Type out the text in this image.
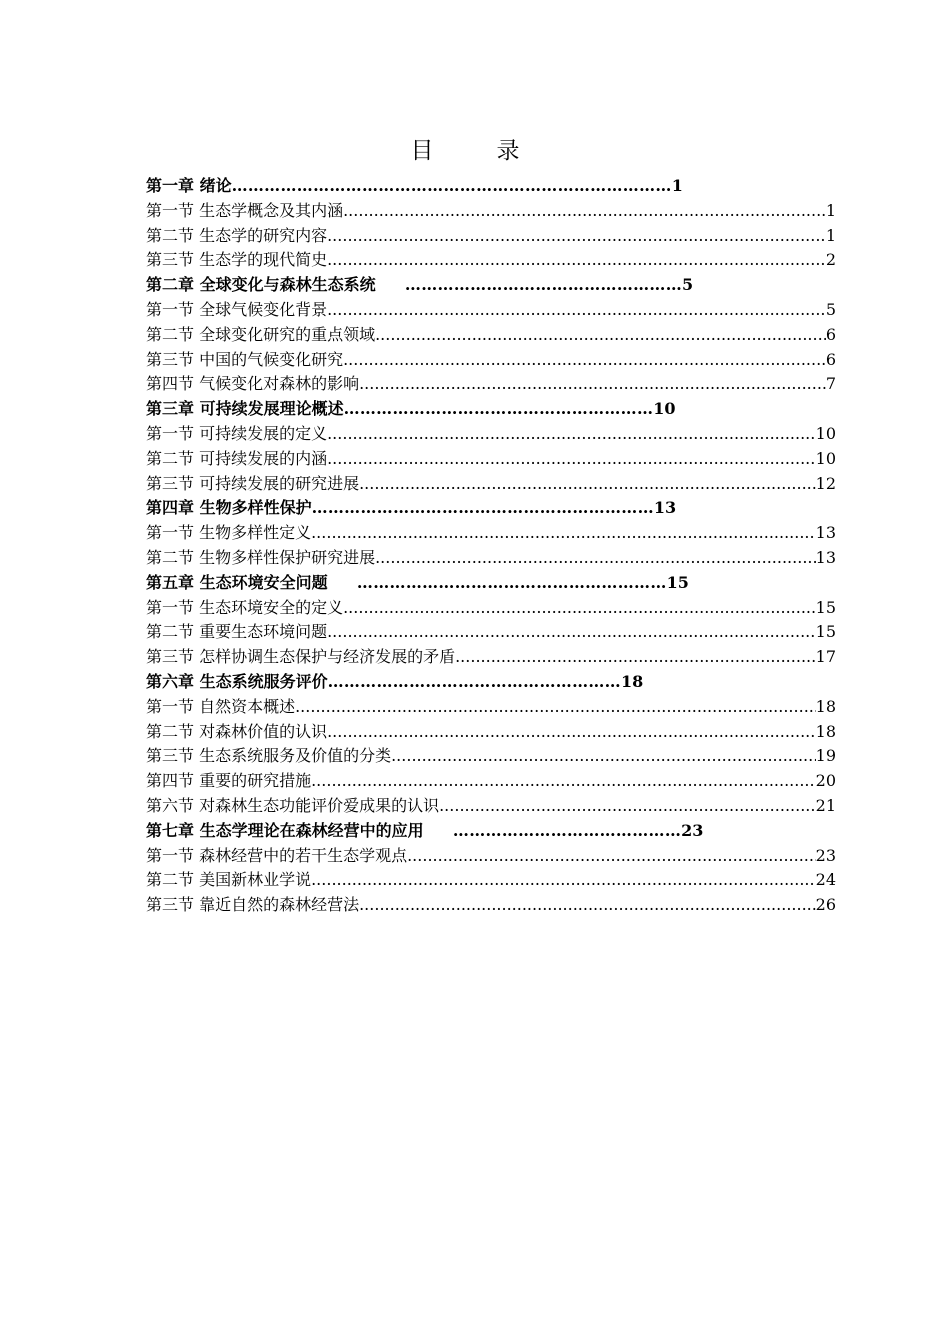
目　录
第一章 绪论………………………………………………………………………1
第一节 生态学概念及其内涵 .....	1
第二节 生态学的研究内容 .....	1
第三节 生态学的现代简史 .....	2
第二章 全球变化与森林生态系统     ……………………………………………5
第一节 全球气候变化背景 .....	5
第二节 全球变化研究的重点领域 .....	6
第三节 中国的气候变化研究 .....	6
第四节 气候变化对森林的影响 .....	7
第三章 可持续发展理论概述…………………………………………………10
第一节 可持续发展的定义 .....	10
第二节 可持续发展的内涵 .....	10
第三节 可持续发展的研究进展 .....	12
第四章 生物多样性保护………………………………………………………13
第一节 生物多样性定义 .....	13
第二节 生物多样性保护研究进展 .....	13
第五章 生态环境安全问题     …………………………………………………15
第一节 生态环境安全的定义 .....	15
第二节 重要生态环境问题 .....	15
第三节 怎样协调生态保护与经济发展的矛盾 .....	17
第六章 生态系统服务评价………………………………………………18
第一节 自然资本概述 .....	18
第二节 对森林价值的认识 .....	18
第三节 生态系统服务及价值的分类 .....	19
第四节 重要的研究措施 .....	20
第六节 对森林生态功能评价爱成果的认识 .....	21
第七章 生态学理论在森林经营中的应用     ……………………………………23
第一节 森林经营中的若干生态学观点 .....	23
第二节 美国新林业学说 .....	24
第三节 靠近自然的森林经营法 .....	26
